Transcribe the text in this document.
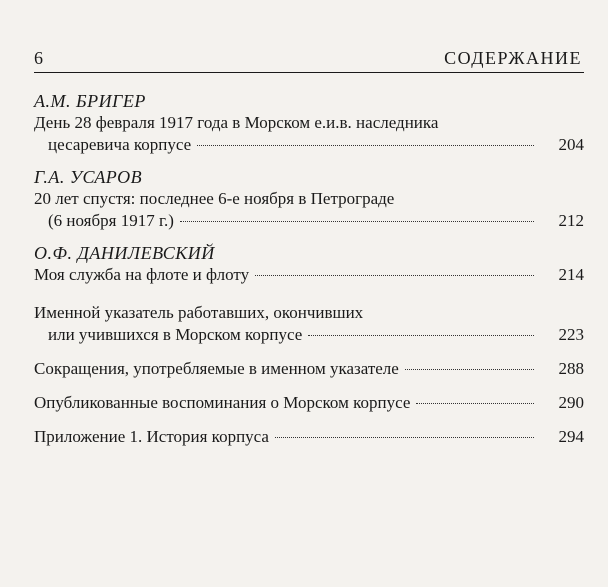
6	СОДЕРЖАНИЕ
А.М. БРИГЕР
День 28 февраля 1917 года в Морском е.и.в. наследника
цесаревича корпусе	204
Г.А. УСАРОВ
20 лет спустя: последнее 6-е ноября в Петрограде
(6 ноября 1917 г.)	212
О.Ф. ДАНИЛЕВСКИЙ
Моя служба на флоте и флоту	214
Именной указатель работавших, окончивших
или учившихся в Морском корпусе	223
Сокращения, употребляемые в именном указателе	288
Опубликованные воспоминания о Морском корпусе	290
Приложение 1. История корпуса	294
